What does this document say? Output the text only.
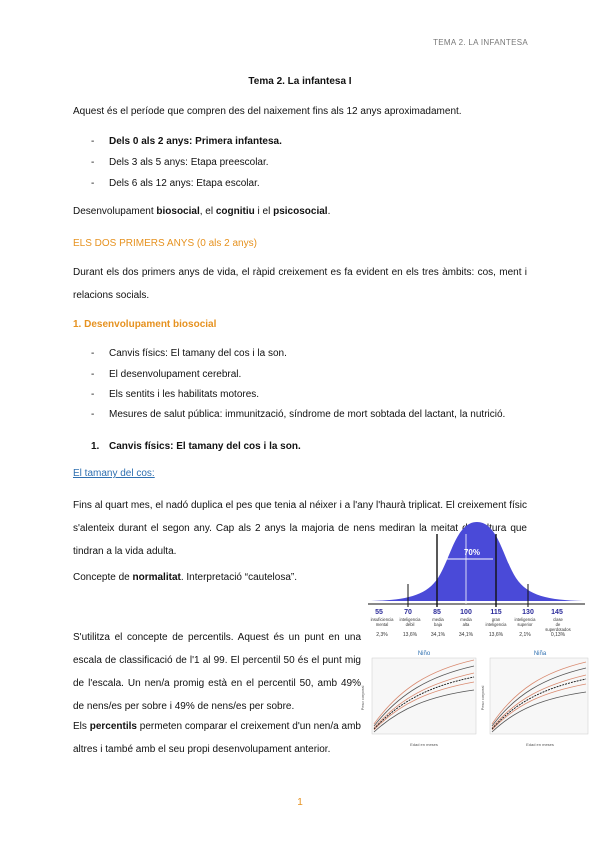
TEMA 2. LA INFANTESA
Tema 2. La infantesa I
Aquest és el període que compren des del naixement fins als 12 anys aproximadament.
- Dels 0 als 2 anys: Primera infantesa.
- Dels 3 als 5 anys: Etapa preescolar.
- Dels 6 als 12 anys: Etapa escolar.
Desenvolupament biosocial, el cognitiu i el psicosocial.
ELS DOS PRIMERS ANYS (0 als 2 anys)
Durant els dos primers anys de vida, el ràpid creixement es fa evident en els tres àmbits: cos, ment i relacions socials.
1. Desenvolupament biosocial
- Canvis físics: El tamany del cos i la son.
- El desenvolupament cerebral.
- Els sentits i les habilitats motores.
- Mesures de salut pública: immunització, síndrome de mort sobtada del lactant, la nutrició.
1. Canvis físics: El tamany del cos i la son.
El tamany del cos:
Fins al quart mes, el nadó duplica el pes que tenia al néixer i a l'any l'haurà triplicat. El creixement físic s'alenteix durant el segon any. Cap als 2 anys la majoria de nens mediran la meitat de l'altura que tindran a la vida adulta.
Concepte de normalitat. Interpretació “cautelosa”.
S'utilitza el concepte de percentils. Aquest és un punt en una escala de classificació de l'1 al 99. El percentil 50 és el punt mig de l'escala. Un nen/a promig està en el percentil 50, amb 49% de nens/es per sobre i 49% de nens/es per sobre.
Els percentils permeten comparar el creixement d'un nen/a amb altres i també amb el seu propi desenvolupament anterior.
70%
55	70	85	100	115	130 145
insuficiencia
mental
2,3%
inteligencia
débil
13,6%
media
baja
34,1%
media
alta
34,1%
gran
inteligencia
13,6%
inteligencia
superior
2,1%
clase
de
superdotados
0,13%
Niño
Peso corporal
Edad en meses
Niña
Peso corporal
Edad en meses
1
